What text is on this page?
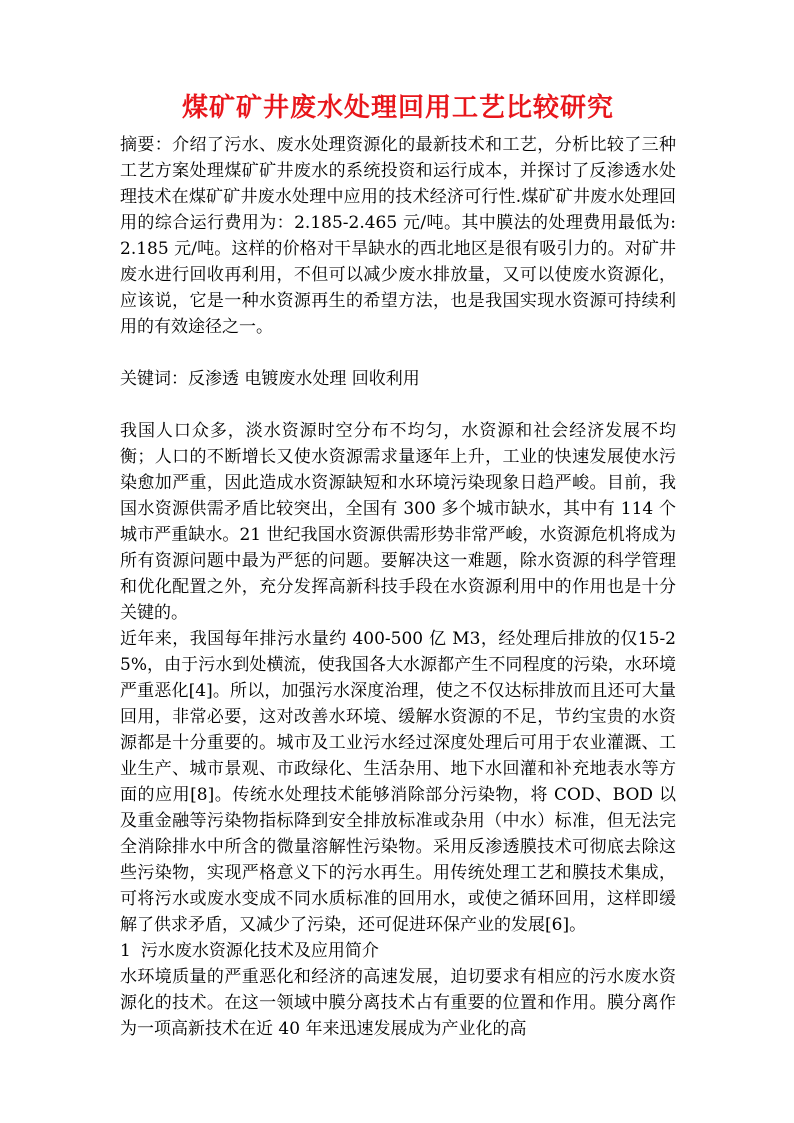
煤矿矿井废水处理回用工艺比较研究

摘要：介绍了污水、废水处理资源化的最新技术和工艺，分析比较了三种工艺方案处理煤矿矿井废水的系统投资和运行成本，并探讨了反渗透水处理技术在煤矿矿井废水处理中应用的技术经济可行性.煤矿矿井废水处理回用的综合运行费用为：2.185-2.465 元/吨。其中膜法的处理费用最低为:2.185 元/吨。这样的价格对干旱缺水的西北地区是很有吸引力的。对矿井废水进行回收再利用，不但可以减少废水排放量，又可以使废水资源化，应该说，它是一种水资源再生的希望方法，也是我国实现水资源可持续利用的有效途径之一。

关键词：反渗透 电镀废水处理 回收利用

我国人口众多，淡水资源时空分布不均匀，水资源和社会经济发展不均衡；人口的不断增长又使水资源需求量逐年上升，工业的快速发展使水污染愈加严重，因此造成水资源缺短和水环境污染现象日趋严峻。目前，我国水资源供需矛盾比较突出，全国有 300 多个城市缺水，其中有 114 个城市严重缺水。21 世纪我国水资源供需形势非常严峻，水资源危机将成为所有资源问题中最为严惩的问题。要解决这一难题，除水资源的科学管理和优化配置之外，充分发挥高新科技手段在水资源利用中的作用也是十分关键的。

近年来，我国每年排污水量约 400-500 亿 M3，经处理后排放的仅15-25%，由于污水到处横流，使我国各大水源都产生不同程度的污染，水环境严重恶化[4]。所以，加强污水深度治理，使之不仅达标排放而且还可大量回用，非常必要，这对改善水环境、缓解水资源的不足，节约宝贵的水资源都是十分重要的。城市及工业污水经过深度处理后可用于农业灌溉、工业生产、城市景观、市政绿化、生活杂用、地下水回灌和补充地表水等方面的应用[8]。传统水处理技术能够消除部分污染物，将 COD、BOD 以及重金融等污染物指标降到安全排放标准或杂用（中水）标准，但无法完全消除排水中所含的微量溶解性污染物。采用反渗透膜技术可彻底去除这些污染物，实现严格意义下的污水再生。用传统处理工艺和膜技术集成，可将污水或废水变成不同水质标准的回用水，或使之循环回用，这样即缓解了供求矛盾，又减少了污染，还可促进环保产业的发展[6]。

1 污水废水资源化技术及应用简介

水环境质量的严重恶化和经济的高速发展，迫切要求有相应的污水废水资源化的技术。在这一领域中膜分离技术占有重要的位置和作用。膜分离作为一项高新技术在近 40 年来迅速发展成为产业化的高
